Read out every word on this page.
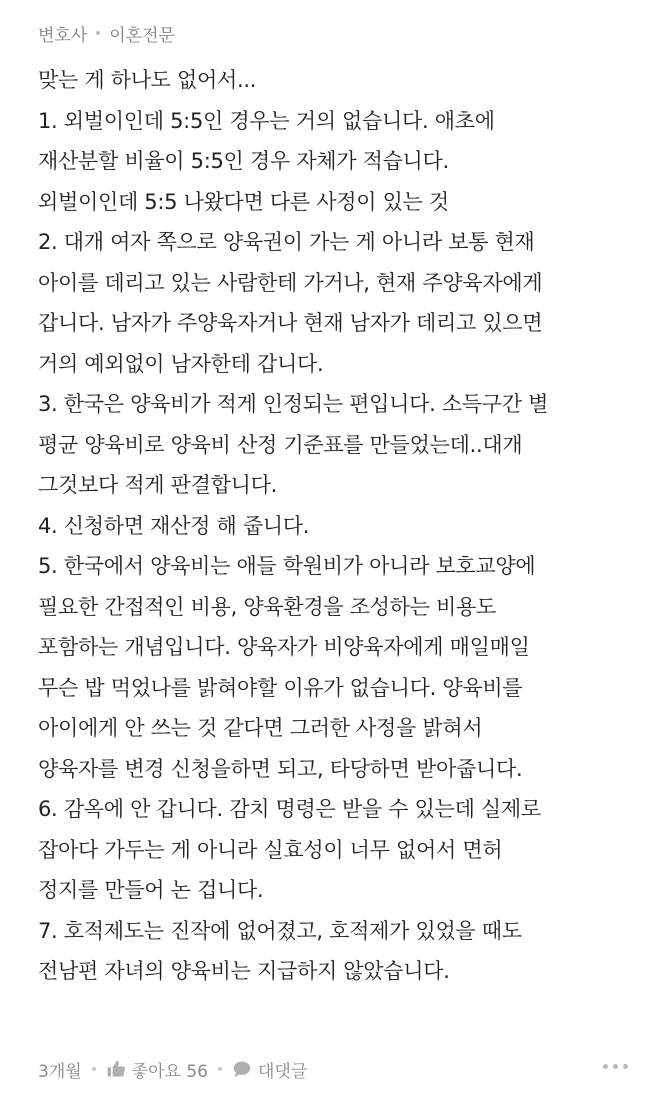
변호사 이혼전문
맞는 게 하나도 없어서...
1. 외벌이인데 5:5인 경우는 거의 없습니다. 애초에
재산분할 비율이 5:5인 경우 자체가 적습니다.
외벌이인데 5:5 나왔다면 다른 사정이 있는 것
2. 대개 여자 쪽으로 양육권이 가는 게 아니라 보통 현재
아이를 데리고 있는 사람한테 가거나, 현재 주양육자에게
갑니다. 남자가 주양육자거나 현재 남자가 데리고 있으면
거의 예외없이 남자한테 갑니다.
3. 한국은 양육비가 적게 인정되는 편입니다. 소득구간 별
평균 양육비로 양육비 산정 기준표를 만들었는데..대개
그것보다 적게 판결합니다.
4. 신청하면 재산정 해 줍니다.
5. 한국에서 양육비는 애들 학원비가 아니라 보호교양에
필요한 간접적인 비용, 양육환경을 조성하는 비용도
포함하는 개념입니다. 양육자가 비양육자에게 매일매일
무슨 밥 먹었나를 밝혀야할 이유가 없습니다. 양육비를
아이에게 안 쓰는 것 같다면 그러한 사정을 밝혀서
양육자를 변경 신청을하면 되고, 타당하면 받아줍니다.
6. 감옥에 안 갑니다. 감치 명령은 받을 수 있는데 실제로
잡아다 가두는 게 아니라 실효성이 너무 없어서 면허
정지를 만들어 논 겁니다.
7. 호적제도는 진작에 없어졌고, 호적제가 있었을 때도
전남편 자녀의 양육비는 지급하지 않았습니다.
3개월	좋아요 56	대댓글
